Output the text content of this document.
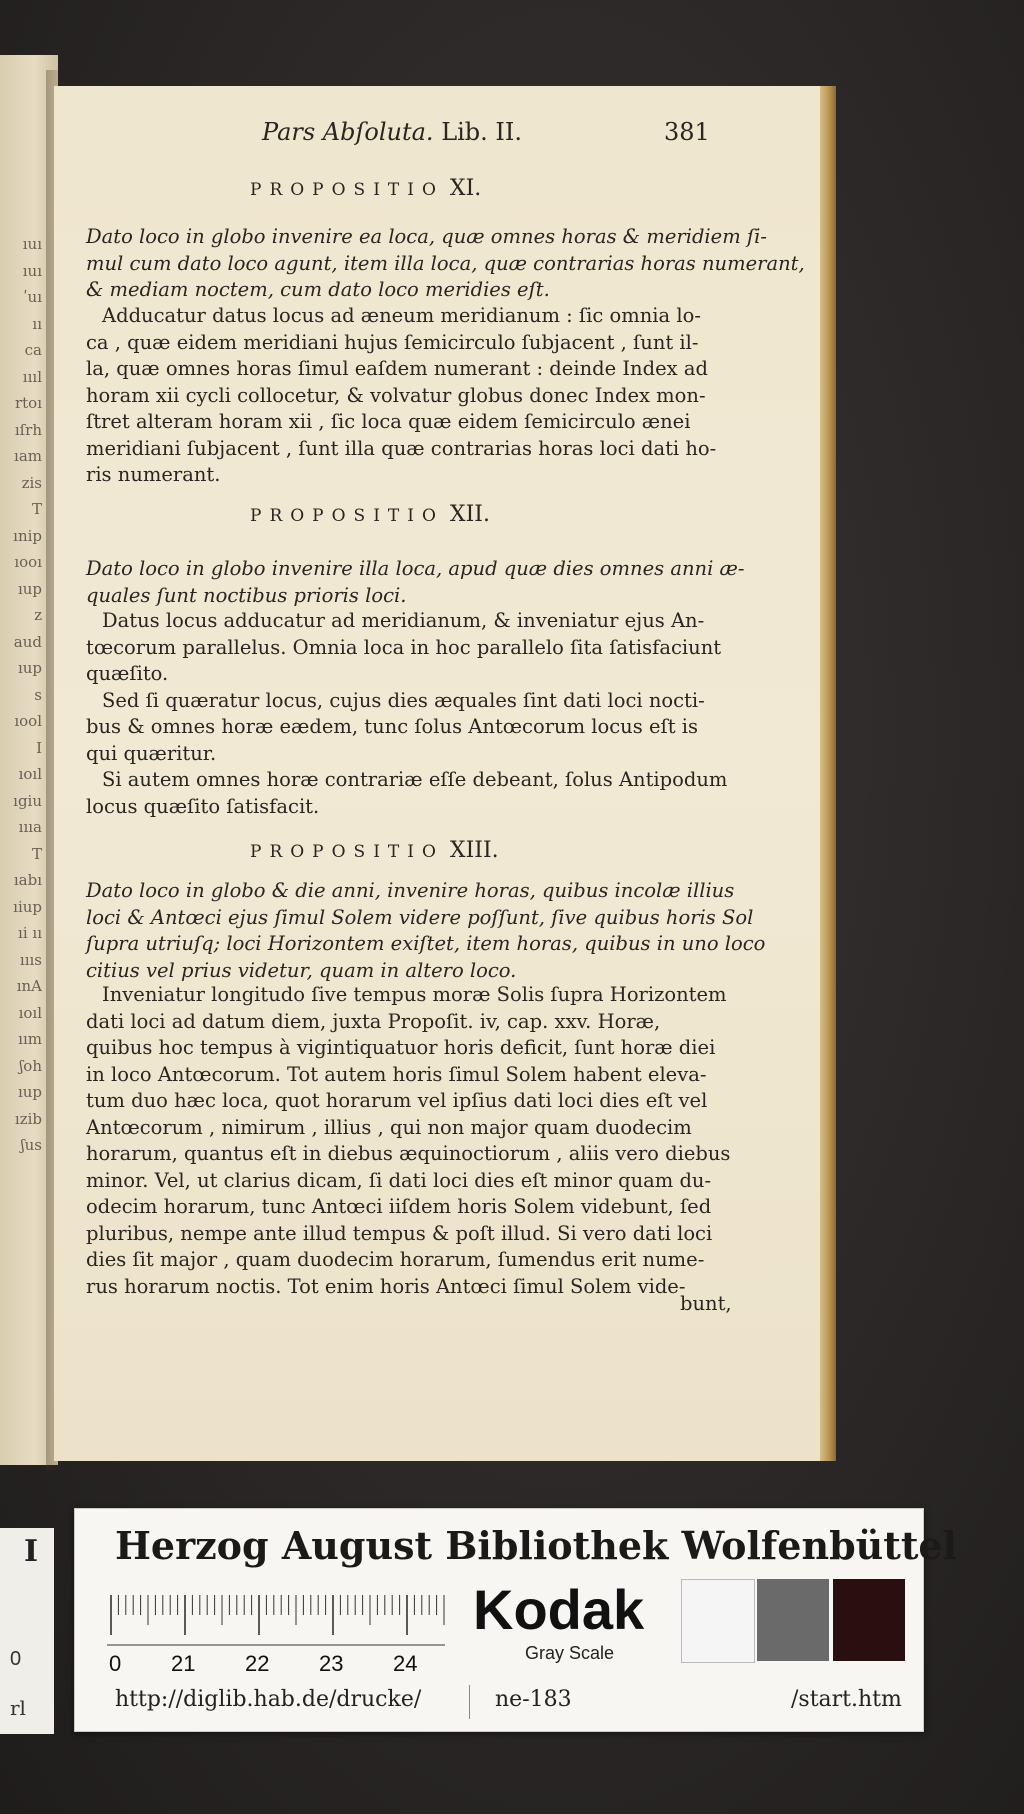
ıuı
ıuı
ʹuı
ıı
ca
ıııl
rtoı
ıſrh
ıam
zis
T
ınip
ıooı
ıup
z
aud
ıup
s
ıool
I
ıoıl
ıgiu
ıııa
T
ıabı
ıiup
ıi ıı
ıııs
ınA
ıoıl
ıım
ʃoh
ıup
ızib
ʃus
Pars Abſoluta. Lib. II.	381
PROPOSITIO XI.
Dato loco in globo invenire ea loca, quæ omnes horas & meridiem ſi-
mul cum dato loco agunt, item illa loca, quæ contrarias horas numerant,
& mediam noctem, cum dato loco meridies eſt.
Adducatur datus locus ad æneum meridianum : ſic omnia lo-
ca , quæ eidem meridiani hujus ſemicirculo ſubjacent , ſunt il-
la, quæ omnes horas ſimul eaſdem numerant : deinde Index ad
horam xii cycli collocetur, & volvatur globus donec Index mon-
ſtret alteram horam xii , ſic loca quæ eidem ſemicirculo ænei
meridiani ſubjacent , ſunt illa quæ contrarias horas loci dati ho-
ris numerant.
PROPOSITIO XII.
Dato loco in globo invenire illa loca, apud quæ dies omnes anni æ-
quales ſunt noctibus prioris loci.
Datus locus adducatur ad meridianum, & inveniatur ejus An-
tœcorum parallelus. Omnia loca in hoc parallelo ſita ſatisfaciunt
quæſito.
Sed ſi quæratur locus, cujus dies æquales ſint dati loci nocti-
bus & omnes horæ eædem, tunc ſolus Antœcorum locus eſt is
qui quæritur.
Si autem omnes horæ contrariæ eſſe debeant, ſolus Antipodum
locus quæſito ſatisfacit.
PROPOSITIO XIII.
Dato loco in globo & die anni, invenire horas, quibus incolæ illius
loci & Antœci ejus ſimul Solem videre poſſunt, ſive quibus horis Sol
ſupra utriuſq; loci Horizontem exiſtet, item horas, quibus in uno loco
citius vel prius videtur, quam in altero loco.
Inveniatur longitudo ſive tempus moræ Solis ſupra Horizontem
dati loci ad datum diem, juxta Propoſit. iv, cap. xxv. Horæ,
quibus hoc tempus à vigintiquatuor horis deficit, ſunt horæ diei
in loco Antœcorum. Tot autem horis ſimul Solem habent eleva-
tum duo hæc loca, quot horarum vel ipſius dati loci dies eſt vel
Antœcorum , nimirum , illius , qui non major quam duodecim
horarum, quantus eſt in diebus æquinoctiorum , aliis vero diebus
minor. Vel, ut clarius dicam, ſi dati loci dies eſt minor quam du-
odecim horarum, tunc Antœci iiſdem horis Solem videbunt, ſed
pluribus, nempe ante illud tempus & poſt illud. Si vero dati loci
dies ſit major , quam duodecim horarum, ſumendus erit nume-
rus horarum noctis. Tot enim horis Antœci ſimul Solem vide-
bunt,
I
0
rl
Herzog August Bibliothek Wolfenbüttel
0 21 22 23 24
Kodak
Gray Scale
http://diglib.hab.de/drucke/	ne-183	/start.htm
